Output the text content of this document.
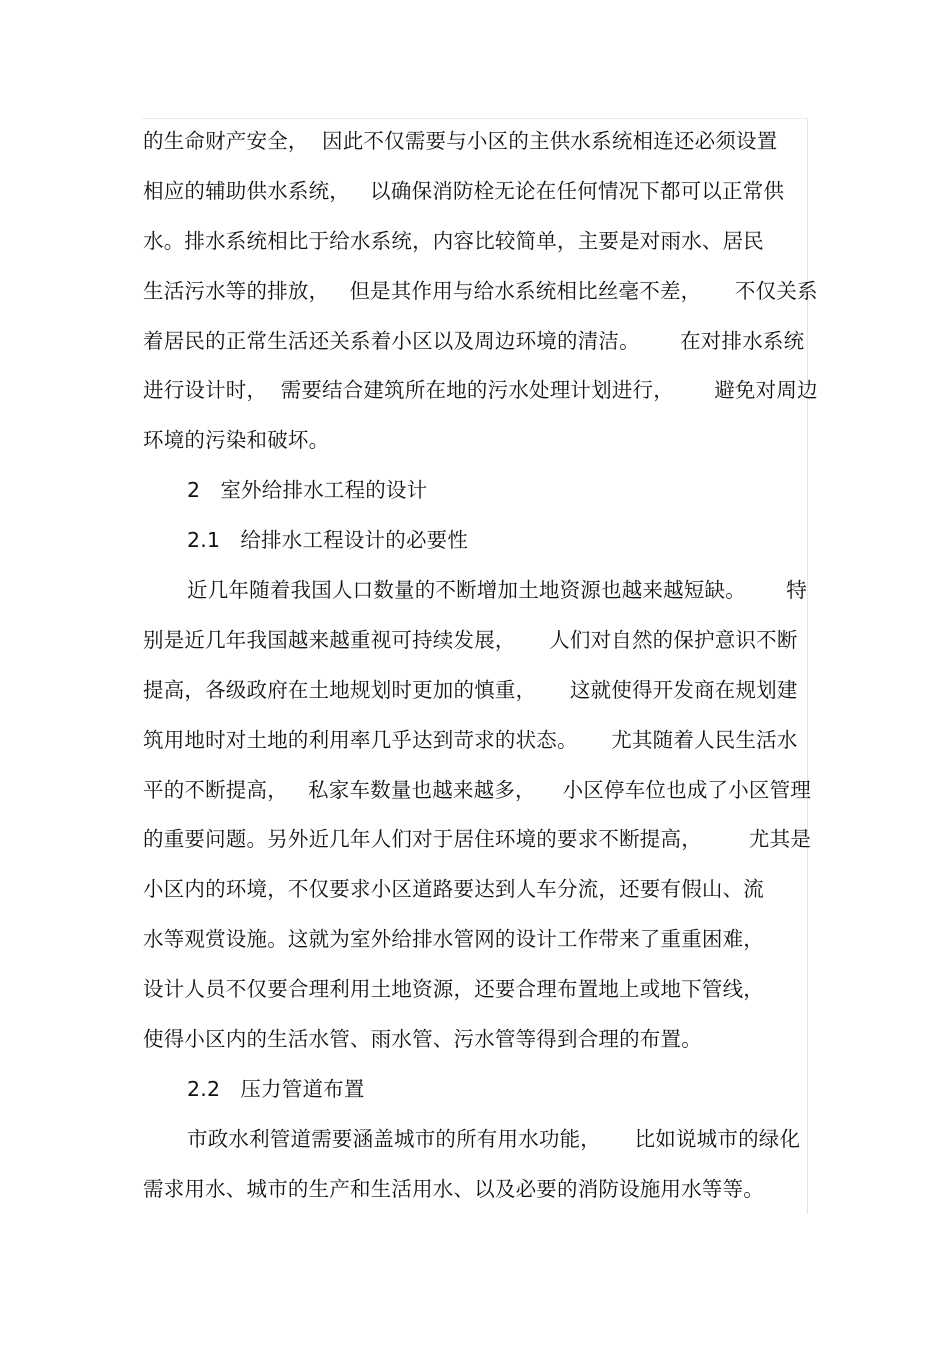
的生命财产安全，  因此不仅需要与小区的主供水系统相连还必须设置
相应的辅助供水系统，   以确保消防栓无论在任何情况下都可以正常供
水。排水系统相比于给水系统，内容比较简单，主要是对雨水、居民
生活污水等的排放，   但是其作用与给水系统相比丝毫不差，     不仅关系
着居民的正常生活还关系着小区以及周边环境的清洁。      在对排水系统
进行设计时，  需要结合建筑所在地的污水处理计划进行，      避免对周边
环境的污染和破坏。
2   室外给排水工程的设计
2.1   给排水工程设计的必要性
近几年随着我国人口数量的不断增加土地资源也越来越短缺。      特
别是近几年我国越来越重视可持续发展，     人们对自然的保护意识不断
提高，各级政府在土地规划时更加的慎重，     这就使得开发商在规划建
筑用地时对土地的利用率几乎达到苛求的状态。     尤其随着人民生活水
平的不断提高，   私家车数量也越来越多，    小区停车位也成了小区管理
的重要问题。另外近几年人们对于居住环境的要求不断提高，       尤其是
小区内的环境，不仅要求小区道路要达到人车分流，还要有假山、流
水等观赏设施。这就为室外给排水管网的设计工作带来了重重困难，
设计人员不仅要合理利用土地资源，还要合理布置地上或地下管线，
使得小区内的生活水管、雨水管、污水管等得到合理的布置。
2.2   压力管道布置
市政水利管道需要涵盖城市的所有用水功能，     比如说城市的绿化
需求用水、城市的生产和生活用水、以及必要的消防设施用水等等。
